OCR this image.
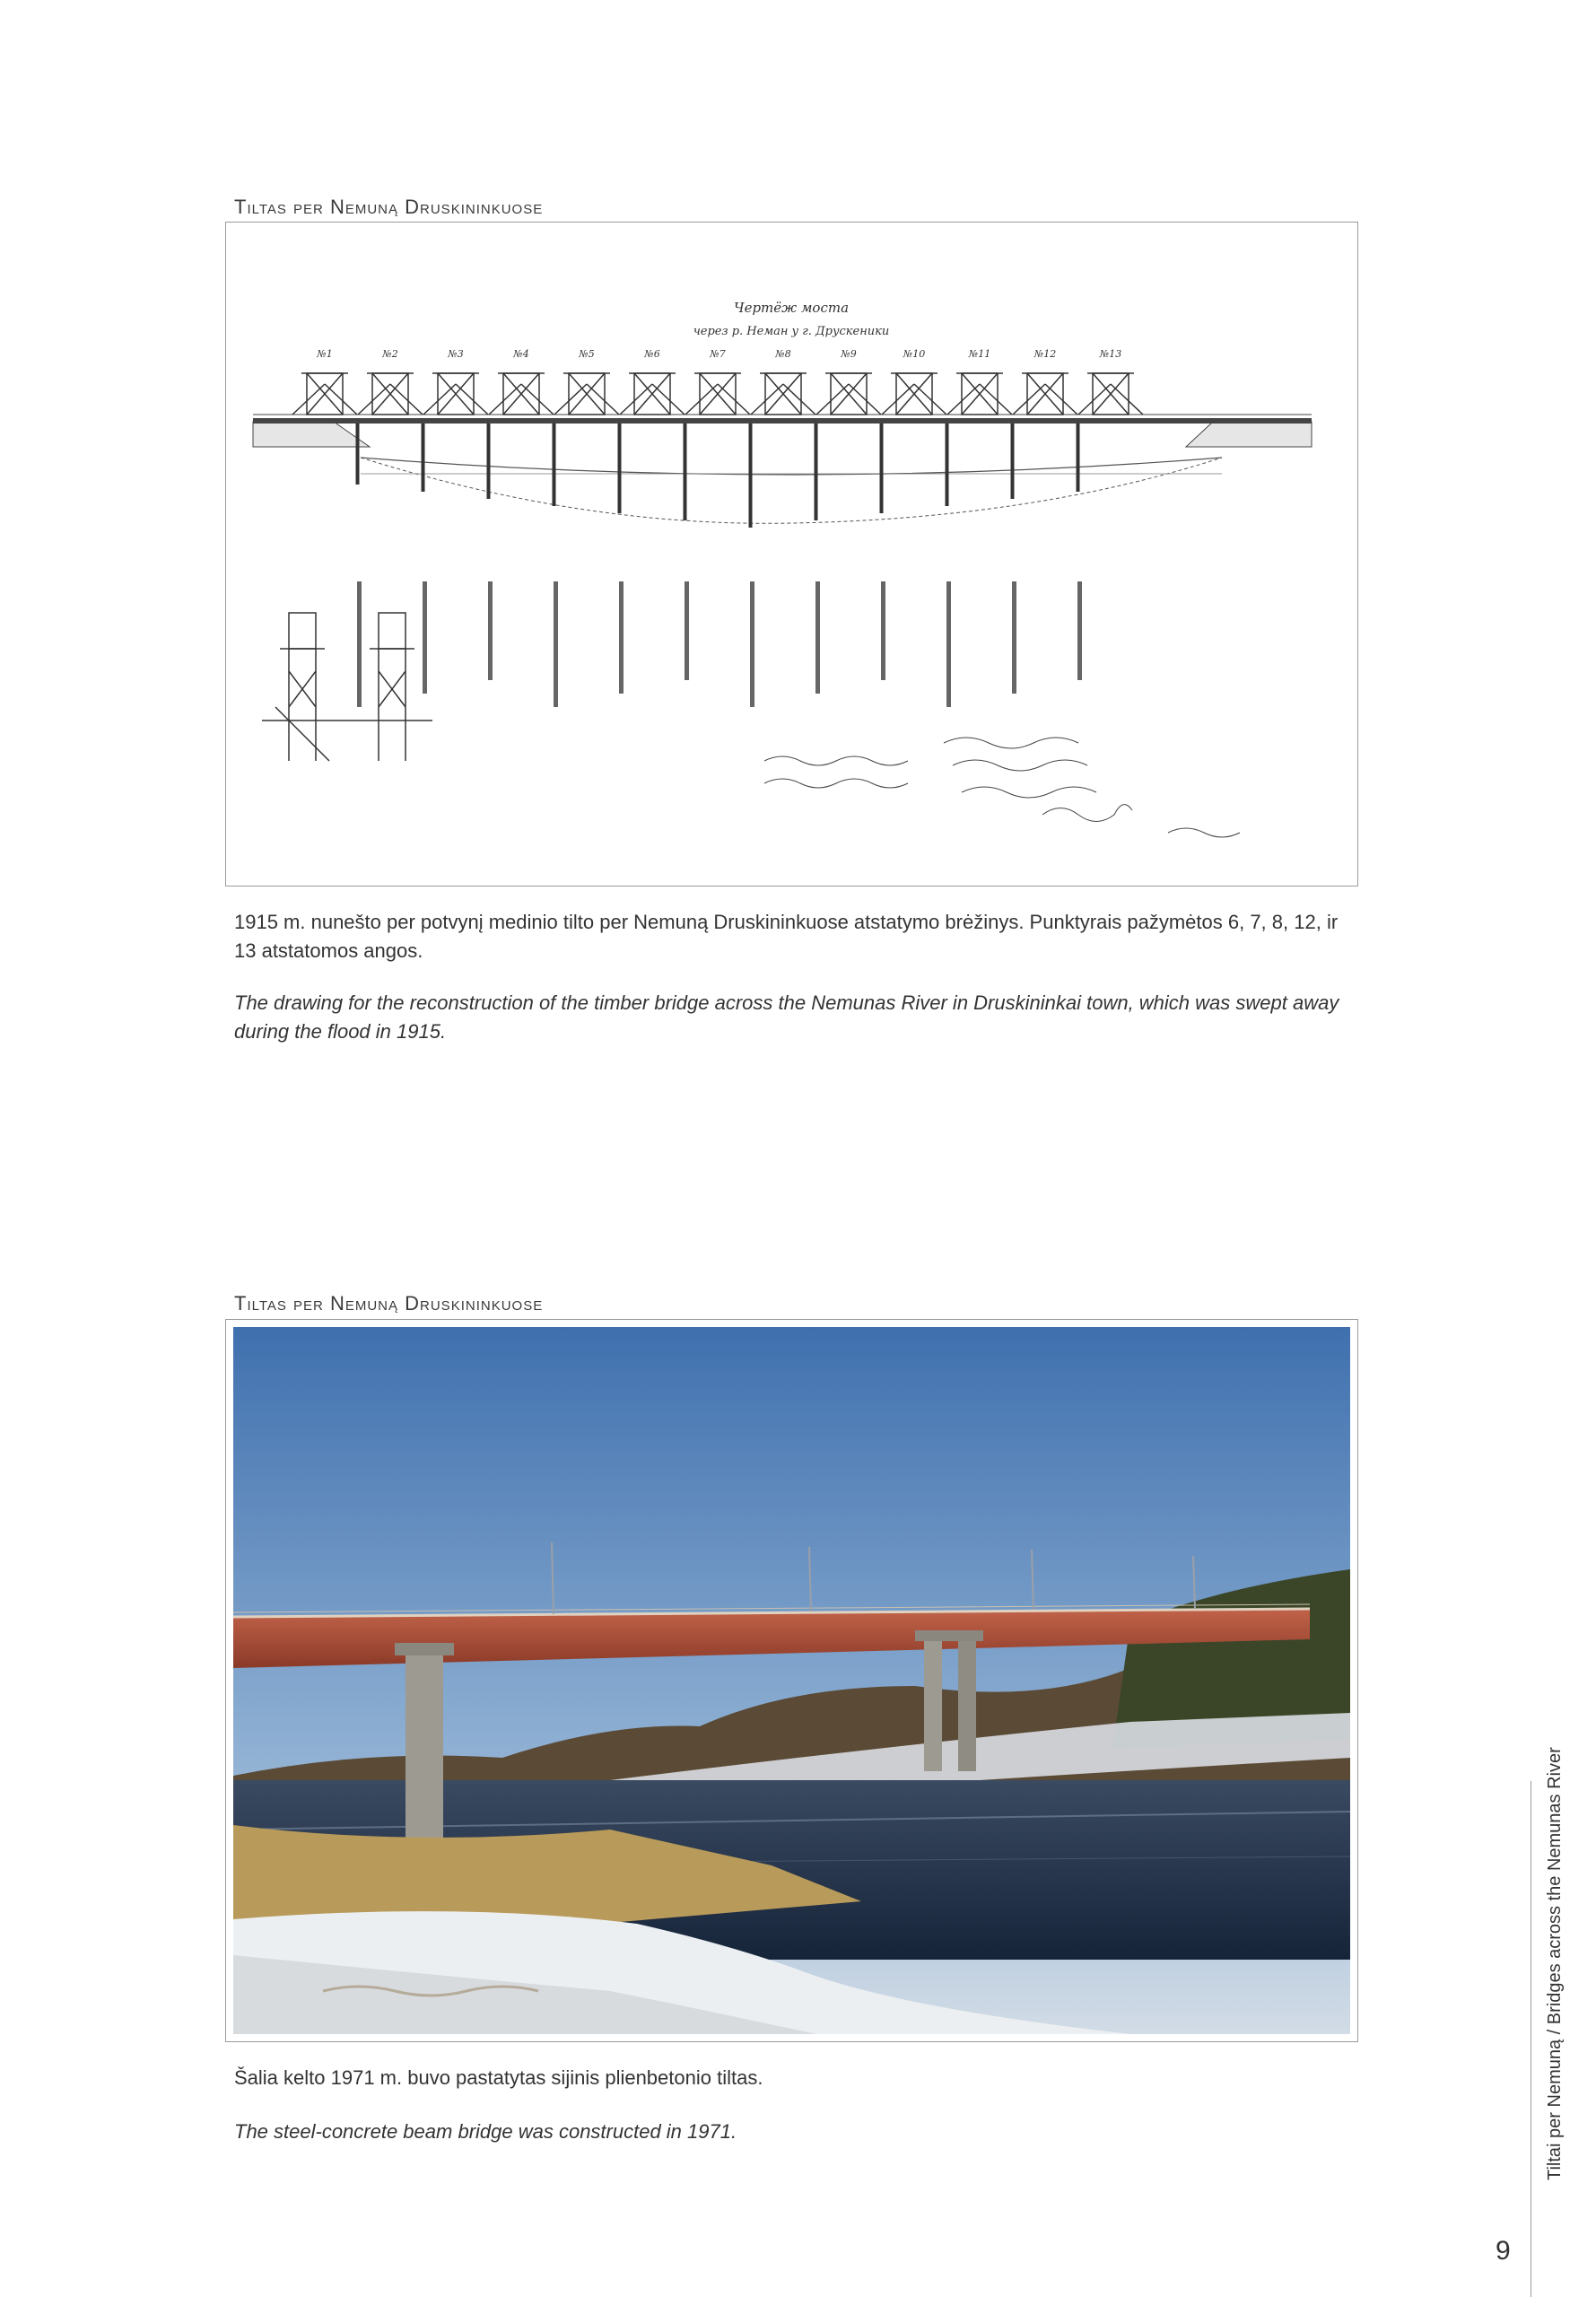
Tiltas per Nemuną Druskininkuose
Чертёж моста
через р. Неман у г. Друскеники
№1	№2	№3	№4	№5	№6	№7	№8	№9	№10	№11	№12	№13
1915 m. nunešto per potvynį medinio tilto per Nemuną Druskininkuose atstatymo brėžinys. Punktyrais pažymėtos 6, 7, 8, 12, ir 13 atstatomos angos.
The drawing for the reconstruction of the timber bridge across the Nemunas River in Druskininkai town, which was swept away during the flood in 1915.
Tiltas per Nemuną Druskininkuose
Šalia kelto 1971 m. buvo pastatytas sijinis plienbetonio tiltas.
The steel-concrete beam bridge was constructed in 1971.	Tiltai per Nemuną / Bridges across the Nemunas River
9
